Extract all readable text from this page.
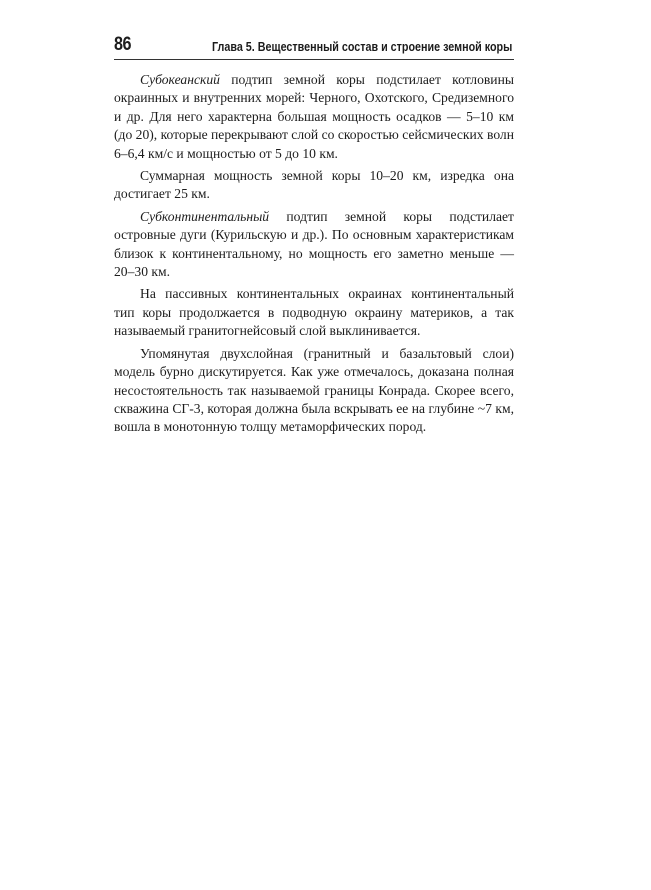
86	Глава 5. Вещественный состав и строение земной коры

Субокеанский подтип земной коры подстилает котловины окраинных и внутренних морей: Черного, Охотского, Средиземного и др. Для него характерна большая мощность осадков — 5–10 км (до 20), которые перекрывают слой со скоростью сейсмических волн 6–6,4 км/с и мощностью от 5 до 10 км.

Суммарная мощность земной коры 10–20 км, изредка она достигает 25 км.

Субконтинентальный подтип земной коры подстилает островные дуги (Курильскую и др.). По основным характеристикам близок к континентальному, но мощность его заметно меньше — 20–30 км.

На пассивных континентальных окраинах континентальный тип коры продолжается в подводную окраину материков, а так называемый гранитогнейсовый слой выклинивается.

Упомянутая двухслойная (гранитный и базальтовый слои) модель бурно дискутируется. Как уже отмечалось, доказана полная несостоятельность так называемой границы Конрада. Скорее всего, скважина СГ-3, которая должна была вскрывать ее на глубине ~7 км, вошла в монотонную толщу метаморфических пород.
